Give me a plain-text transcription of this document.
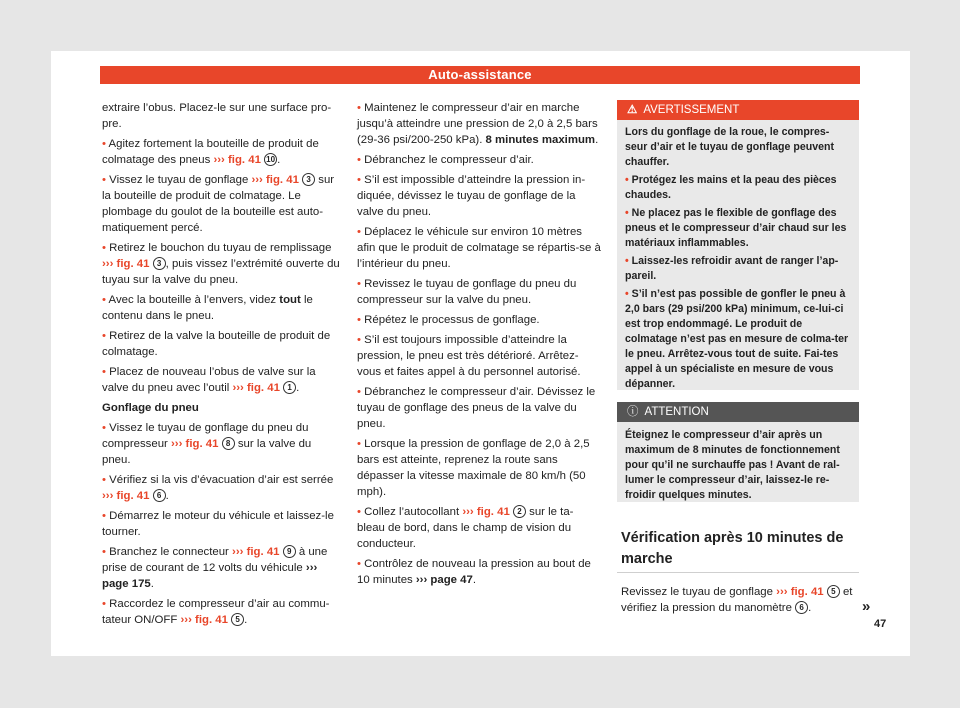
Auto-assistance

extraire l’obus. Placez-le sur une surface pro-pre.

• Agitez fortement la bouteille de produit de colmatage des pneus ››› fig. 41 10 .

• Vissez le tuyau de gonflage ››› fig. 41 3 sur la bouteille de produit de colmatage. Le plombage du goulot de la bouteille est auto-matiquement percé.

• Retirez le bouchon du tuyau de remplissage ››› fig. 41 3 , puis vissez l’extrémité ouverte du tuyau sur la valve du pneu.

• Avec la bouteille à l’envers, videz tout le contenu dans le pneu.

• Retirez de la valve la bouteille de produit de colmatage.

• Placez de nouveau l’obus de valve sur la valve du pneu avec l’outil ››› fig. 41 1 .

Gonflage du pneu

• Vissez le tuyau de gonflage du pneu du compresseur ››› fig. 41 8 sur la valve du pneu.

• Vérifiez si la vis d’évacuation d’air est serrée ››› fig. 41 6 .

• Démarrez le moteur du véhicule et laissez-le tourner.

• Branchez le connecteur ››› fig. 41 9 à une prise de courant de 12 volts du véhicule ››› page 175.

• Raccordez le compresseur d’air au commu-tateur ON/OFF ››› fig. 41 5 .

• Maintenez le compresseur d’air en marche jusqu’à atteindre une pression de 2,0 à 2,5 bars (29-36 psi/200-250 kPa). 8 minutes maximum.

• Débranchez le compresseur d’air.

• S’il est impossible d’atteindre la pression in-diquée, dévissez le tuyau de gonflage de la valve du pneu.

• Déplacez le véhicule sur environ 10 mètres afin que le produit de colmatage se répartis-se à l’intérieur du pneu.

• Revissez le tuyau de gonflage du pneu du compresseur sur la valve du pneu.

• Répétez le processus de gonflage.

• S’il est toujours impossible d’atteindre la pression, le pneu est très détérioré. Arrêtez-vous et faites appel à du personnel autorisé.

• Débranchez le compresseur d’air. Dévissez le tuyau de gonflage des pneus de la valve du pneu.

• Lorsque la pression de gonflage de 2,0 à 2,5 bars est atteinte, reprenez la route sans dépasser la vitesse maximale de 80 km/h (50 mph).

• Collez l’autocollant ››› fig. 41 2 sur le ta-bleau de bord, dans le champ de vision du conducteur.

• Contrôlez de nouveau la pression au bout de 10 minutes ››› page 47.

⚠ AVERTISSEMENT

Lors du gonflage de la roue, le compres-seur d’air et le tuyau de gonflage peuvent chauffer.

• Protégez les mains et la peau des pièces chaudes.

• Ne placez pas le flexible de gonflage des pneus et le compresseur d’air chaud sur les matériaux inflammables.

• Laissez-les refroidir avant de ranger l’ap-pareil.

• S’il n’est pas possible de gonfler le pneu à 2,0 bars (29 psi/200 kPa) minimum, ce-lui-ci est trop endommagé. Le produit de colmatage n’est pas en mesure de colma-ter le pneu. Arrêtez-vous tout de suite. Fai-tes appel à un spécialiste en mesure de vous dépanner.

ⓘ ATTENTION
Éteignez le compresseur d’air après un maximum de 8 minutes de fonctionnement pour qu’il ne surchauffe pas ! Avant de ral-lumer le compresseur d’air, laissez-le re-froidir quelques minutes.
Vérification après 10 minutes de marche
Revissez le tuyau de gonflage ››› fig. 41 5 et vérifiez la pression du manomètre 6 .	»
47
